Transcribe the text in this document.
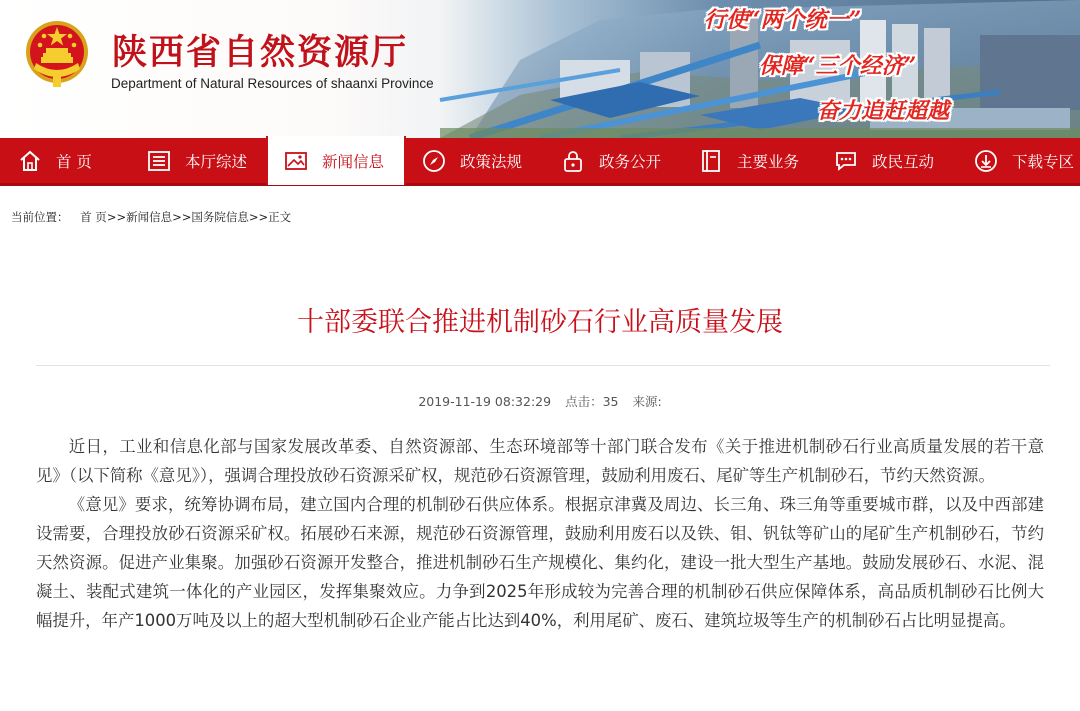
陕西省自然资源厅
Department of Natural Resources of shaanxi Province
行使“两个统一”
保障“三个经济”
奋力追赶超越
首 页	本厅综述	新闻信息	政策法规	政务公开	主要业务	政民互动	下载专区
当前位置： 首 页>>新闻信息>>国务院信息>>正文
十部委联合推进机制砂石行业高质量发展
2019-11-19 08:32:29 点击：35 来源:

近日，工业和信息化部与国家发展改革委、自然资源部、生态环境部等十部门联合发布《关于推进机制砂石行业高质量发展的若干意见》（以下简称《意见》），强调合理投放砂石资源采矿权，规范砂石资源管理，鼓励利用废石、尾矿等生产机制砂石，节约天然资源。

《意见》要求，统筹协调布局，建立国内合理的机制砂石供应体系。根据京津冀及周边、长三角、珠三角等重要城市群，以及中西部建设需要，合理投放砂石资源采矿权。拓展砂石来源，规范砂石资源管理，鼓励利用废石以及铁、钼、钒钛等矿山的尾矿生产机制砂石，节约天然资源。促进产业集聚。加强砂石资源开发整合，推进机制砂石生产规模化、集约化，建设一批大型生产基地。鼓励发展砂石、水泥、混凝土、装配式建筑一体化的产业园区，发挥集聚效应。力争到2025年形成较为完善合理的机制砂石供应保障体系，高品质机制砂石比例大幅提升，年产1000万吨及以上的超大型机制砂石企业产能占比达到40%，利用尾矿、废石、建筑垃圾等生产的机制砂石占比明显提高。
